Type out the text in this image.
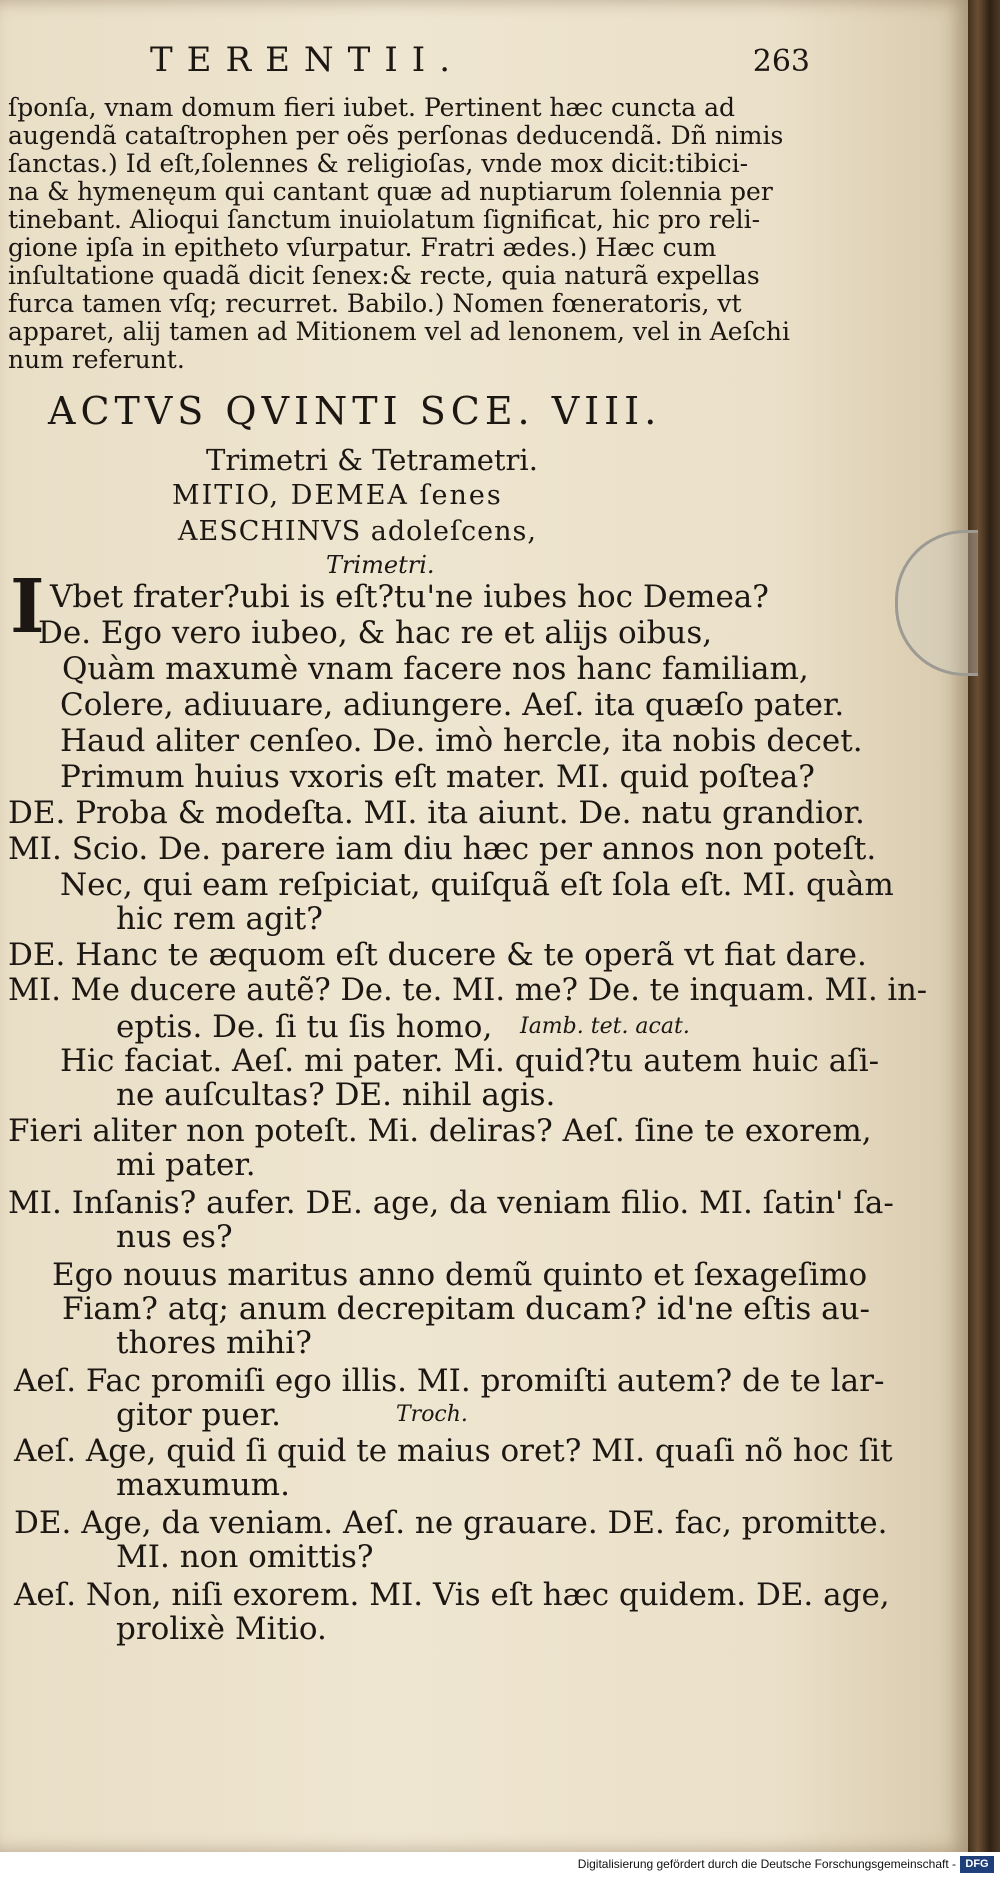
TERENTII.	263
ſponſa, vnam domum fieri iubet. Pertinent hæc cuncta ad
augendã cataſtrophen per oẽs perſonas deducendã. Dñ nimis
ſanctas.) Id eſt,ſolennes & religioſas, vnde mox dicit:tibici-
na & hymenęum qui cantant quæ ad nuptiarum ſolennia per
tinebant. Alioqui ſanctum inuiolatum ſignificat, hic pro reli-
gione ipſa in epitheto vſurpatur. Fratri ædes.) Hæc cum
inſultatione quadã dicit ſenex:& recte, quia naturã expellas
furca tamen vſq; recurret. Babilo.) Nomen fœneratoris, vt
apparet, alij tamen ad Mitionem vel ad lenonem, vel in Aeſchi
num referunt.
ACTVS QVINTI SCE. VIII.
Trimetri & Tetrametri.
MITIO, DEMEA ſenes
AESCHINVS adoleſcens,
Trimetri.
I Vbet frater?ubi is eſt?tu'ne iubes hoc Demea?
De. Ego vero iubeo, & hac re et alijs oibus,
Quàm maxumè vnam facere nos hanc familiam,
Colere, adiuuare, adiungere. Aeſ. ita quæſo pater.
Haud aliter cenſeo. De. imò hercle, ita nobis decet.
Primum huius vxoris eſt mater. MI. quid poſtea?
DE. Proba & modeſta. MI. ita aiunt. De. natu grandior.
MI. Scio. De. parere iam diu hæc per annos non poteſt.
Nec, qui eam reſpiciat, quiſquã eſt ſola eſt. MI. quàm
hic rem agit?
DE. Hanc te æquom eſt ducere & te operã vt fiat dare.
MI. Me ducere autẽ? De. te. MI. me? De. te inquam. MI. in-
eptis. De. ſi tu ſis homo, Iamb. tet. acat.
Hic faciat. Aeſ. mi pater. Mi. quid?tu autem huic aſi-
ne auſcultas? DE. nihil agis.
Fieri aliter non poteſt. Mi. deliras? Aeſ. ſine te exorem,
mi pater.
MI. Inſanis? aufer. DE. age, da veniam filio. MI. ſatin' ſa-
nus es?
Ego nouus maritus anno demũ quinto et ſexageſimo
Fiam? atq; anum decrepitam ducam? id'ne eſtis au-
thores mihi?
Aeſ. Fac promiſi ego illis. MI. promiſti autem? de te lar-
gitor puer.	Troch.
Aeſ. Age, quid ſi quid te maius oret? MI. quaſi nõ hoc ſit
maxumum.
DE. Age, da veniam. Aeſ. ne grauare. DE. fac, promitte.
MI. non omittis?
Aeſ. Non, niſi exorem. MI. Vis eſt hæc quidem. DE. age,
prolixè Mitio.
Digitalisierung gefördert durch die Deutsche Forschungsgemeinschaft - DFG
